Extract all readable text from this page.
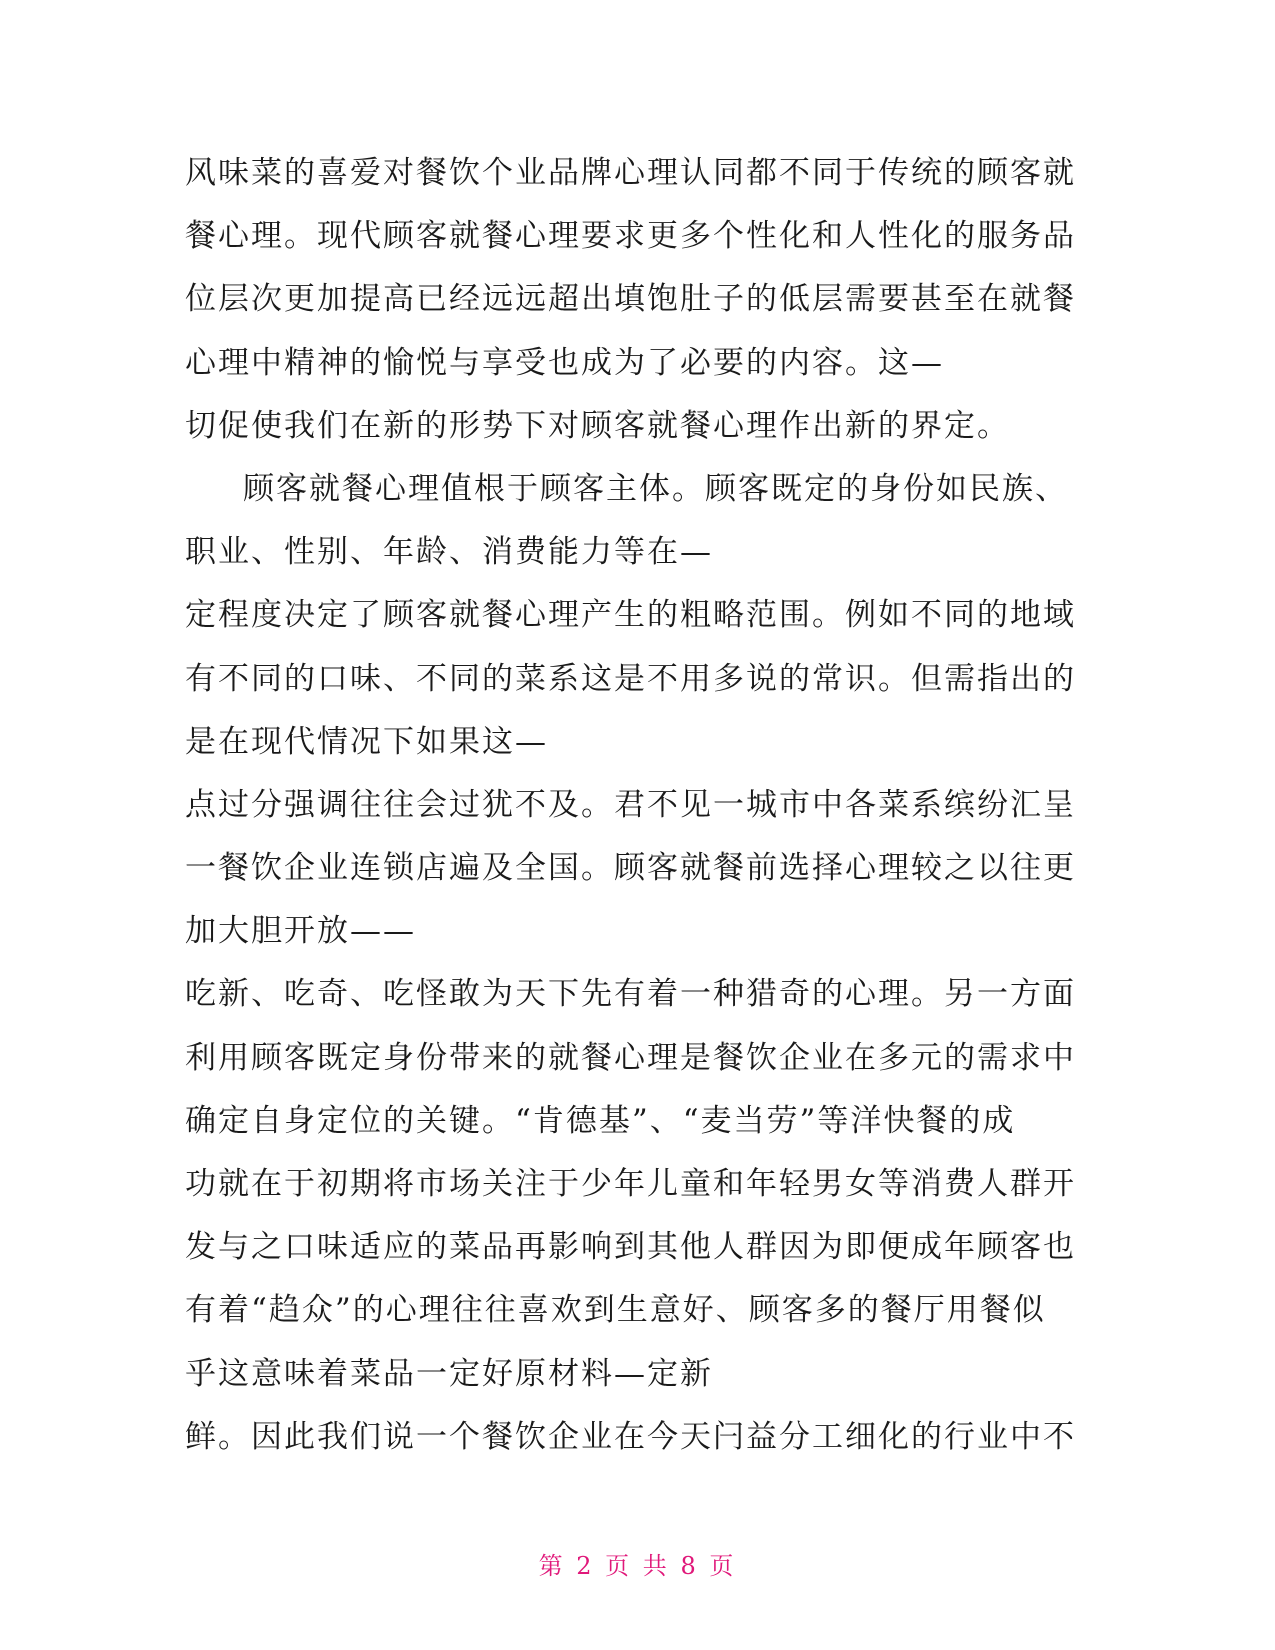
风味菜的喜爱对餐饮个业品牌心理认同都不同于传统的顾客就
餐心理。现代顾客就餐心理要求更多个性化和人性化的服务品
位层次更加提高已经远远超出填饱肚子的低层需要甚至在就餐
心理中精神的愉悦与享受也成为了必要的内容。这—
切促使我们在新的形势下对顾客就餐心理作出新的界定。
顾客就餐心理值根于顾客主体。顾客既定的身份如民族、
职业、性别、年龄、消费能力等在—
定程度决定了顾客就餐心理产生的粗略范围。例如不同的地域
有不同的口味、不同的菜系这是不用多说的常识。但需指出的
是在现代情况下如果这—
点过分强调往往会过犹不及。君不见一城市中各菜系缤纷汇呈
一餐饮企业连锁店遍及全国。顾客就餐前选择心理较之以往更
加大胆开放——
吃新、吃奇、吃怪敢为天下先有着一种猎奇的心理。另一方面
利用顾客既定身份带来的就餐心理是餐饮企业在多元的需求中
确定自身定位的关键。“肯德基”、“麦当劳”等洋快餐的成
功就在于初期将市场关注于少年儿童和年轻男女等消费人群开
发与之口味适应的菜品再影响到其他人群因为即便成年顾客也
有着“趋众”的心理往往喜欢到生意好、顾客多的餐厅用餐似
乎这意味着菜品一定好原材料—定新
鲜。因此我们说一个餐饮企业在今天闩益分工细化的行业中不
第 2 页 共 8 页
